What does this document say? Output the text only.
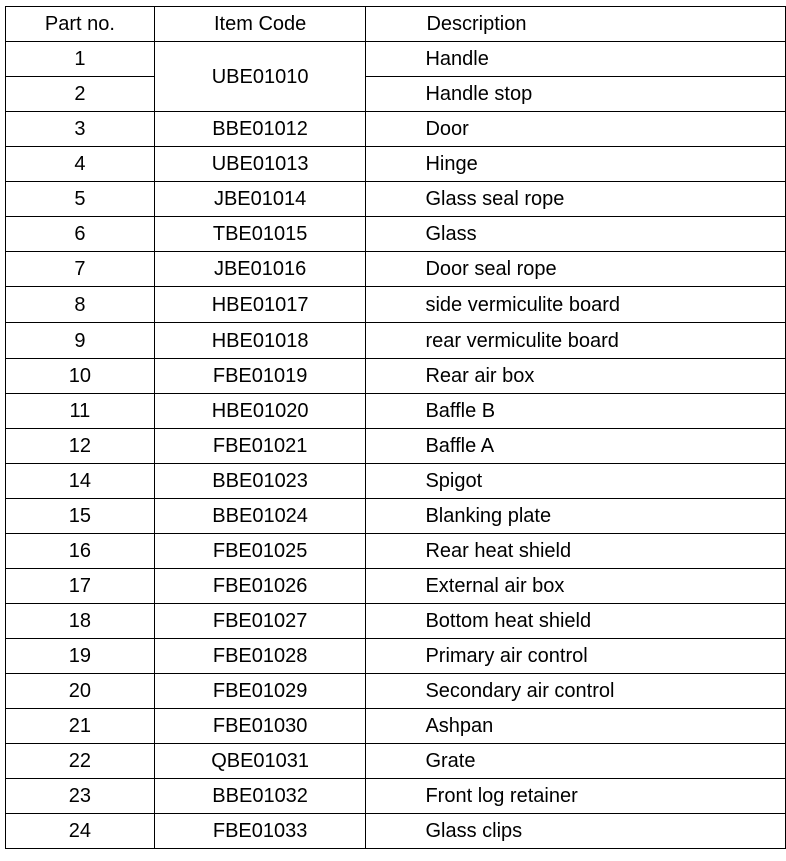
Part no.	Item Code	Description
1	UBE01010	Handle
2		Handle stop
3	BBE01012	Door
4	UBE01013	Hinge
5	JBE01014	Glass seal rope
6	TBE01015	Glass
7	JBE01016	Door seal rope
8	HBE01017	side vermiculite board
9	HBE01018	rear vermiculite board
10	FBE01019	Rear air box
11	HBE01020	Baffle B
12	FBE01021	Baffle A
14	BBE01023	Spigot
15	BBE01024	Blanking plate
16	FBE01025	Rear heat shield
17	FBE01026	External air box
18	FBE01027	Bottom heat shield
19	FBE01028	Primary air control
20	FBE01029	Secondary air control
21	FBE01030	Ashpan
22	QBE01031	Grate
23	BBE01032	Front log retainer
24	FBE01033	Glass clips
